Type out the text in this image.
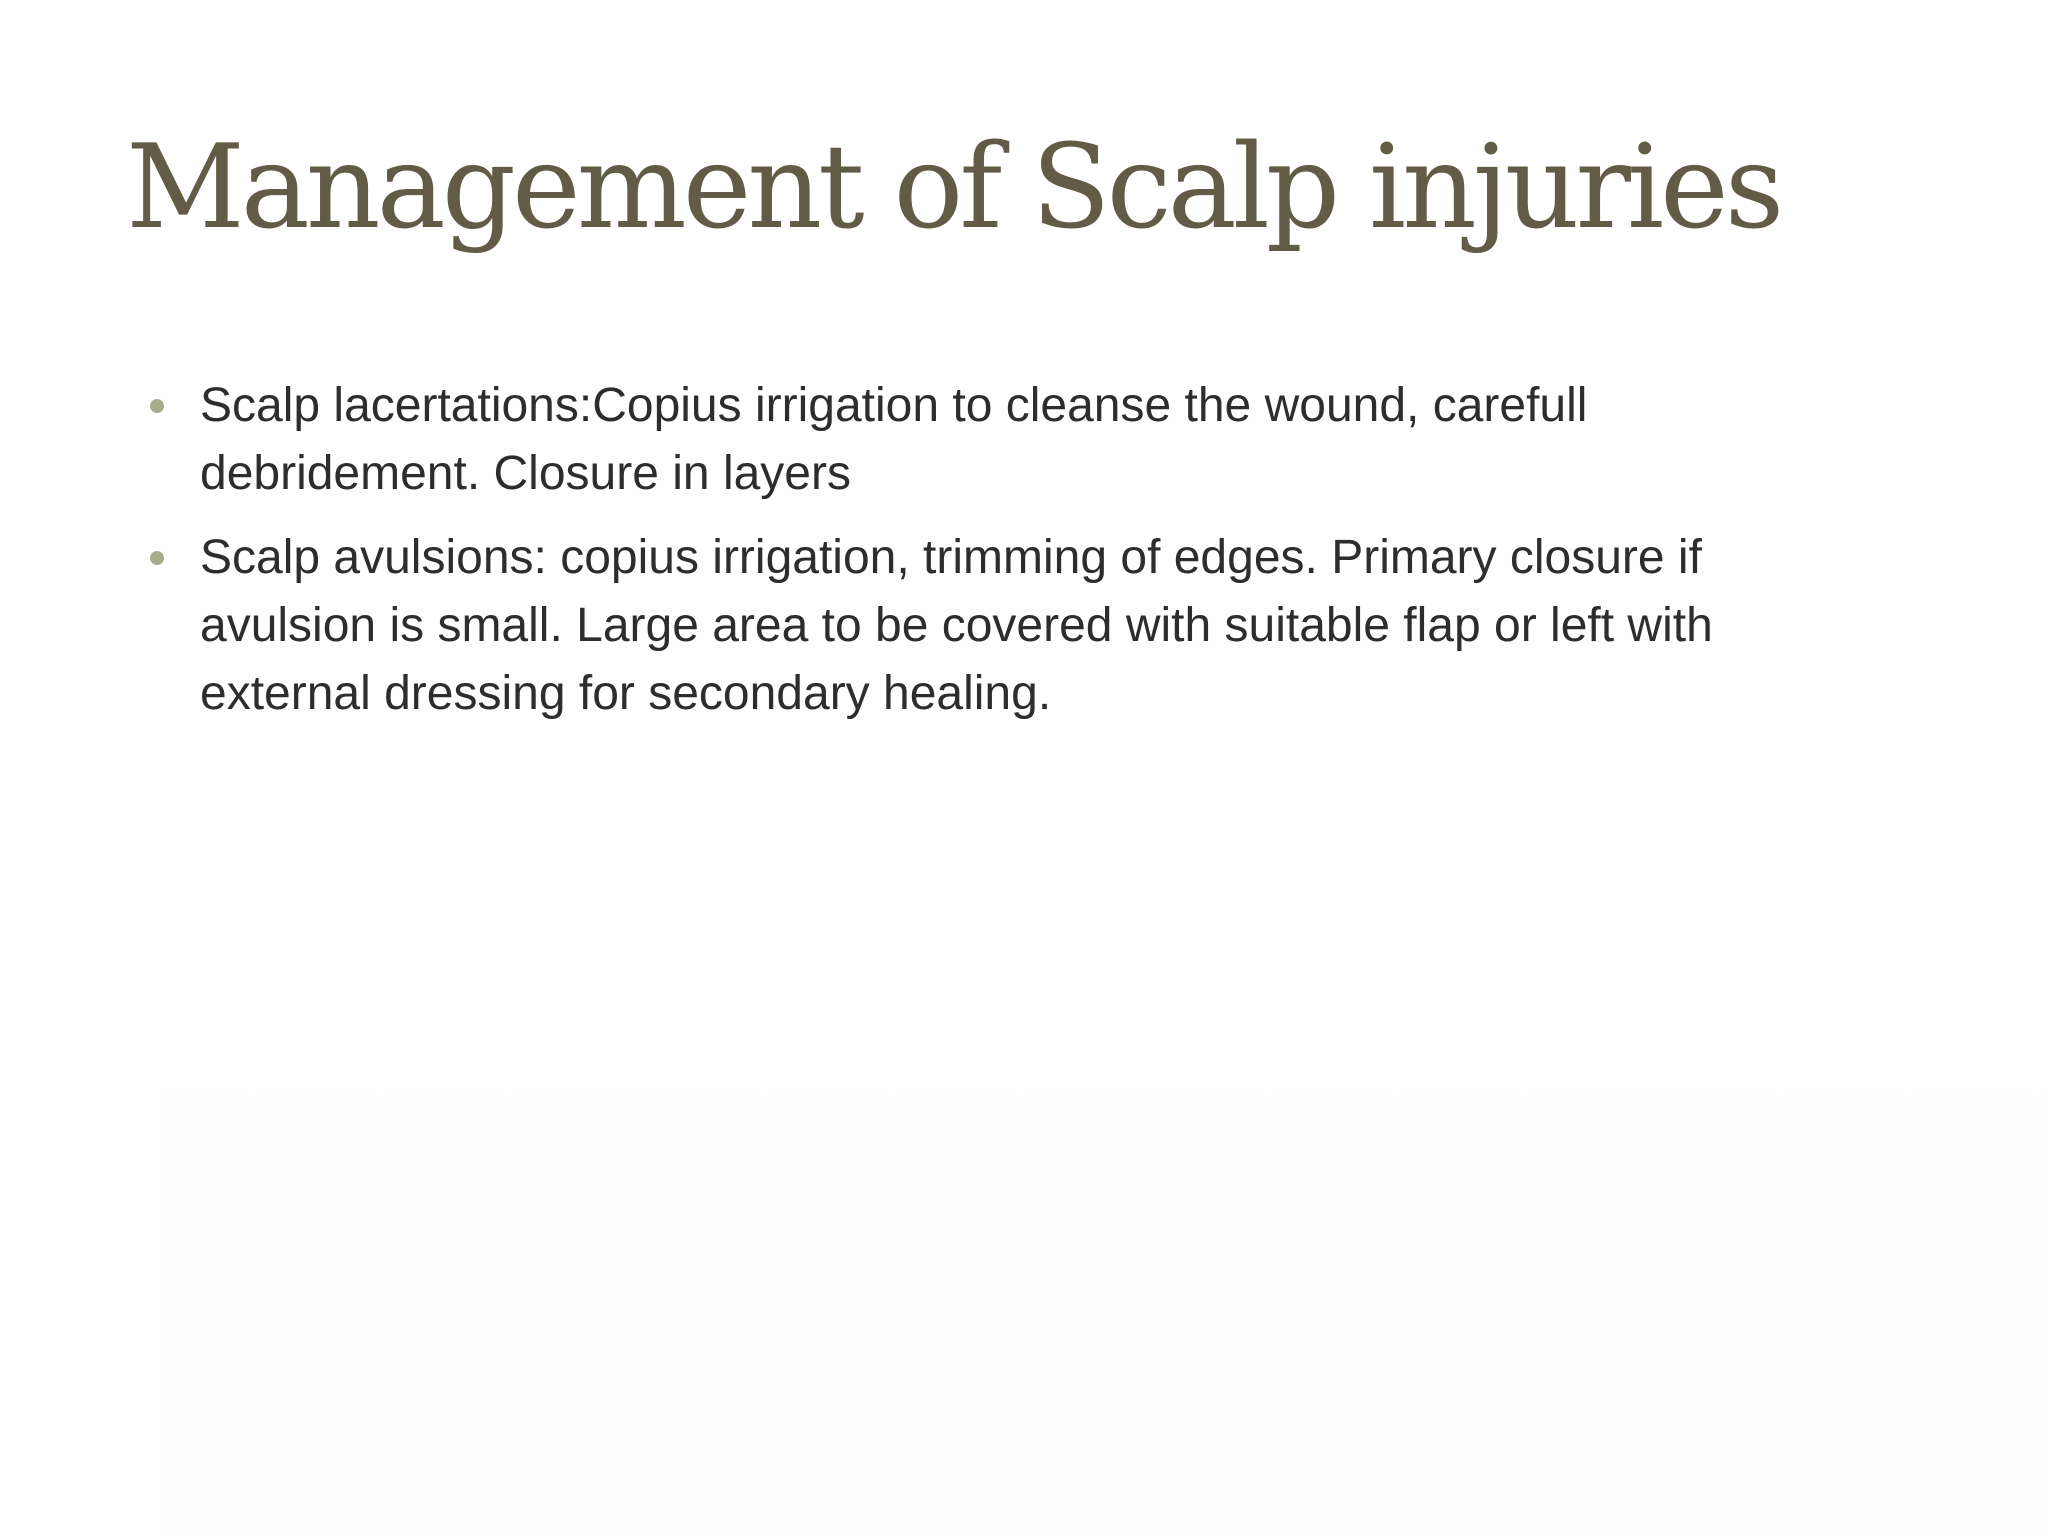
Management of Scalp injuries
Scalp lacertations:Copius irrigation to cleanse the wound, carefull debridement. Closure in layers
Scalp avulsions: copius irrigation, trimming of edges. Primary closure if avulsion is small. Large area to be covered with suitable flap or left with external dressing for secondary healing.
